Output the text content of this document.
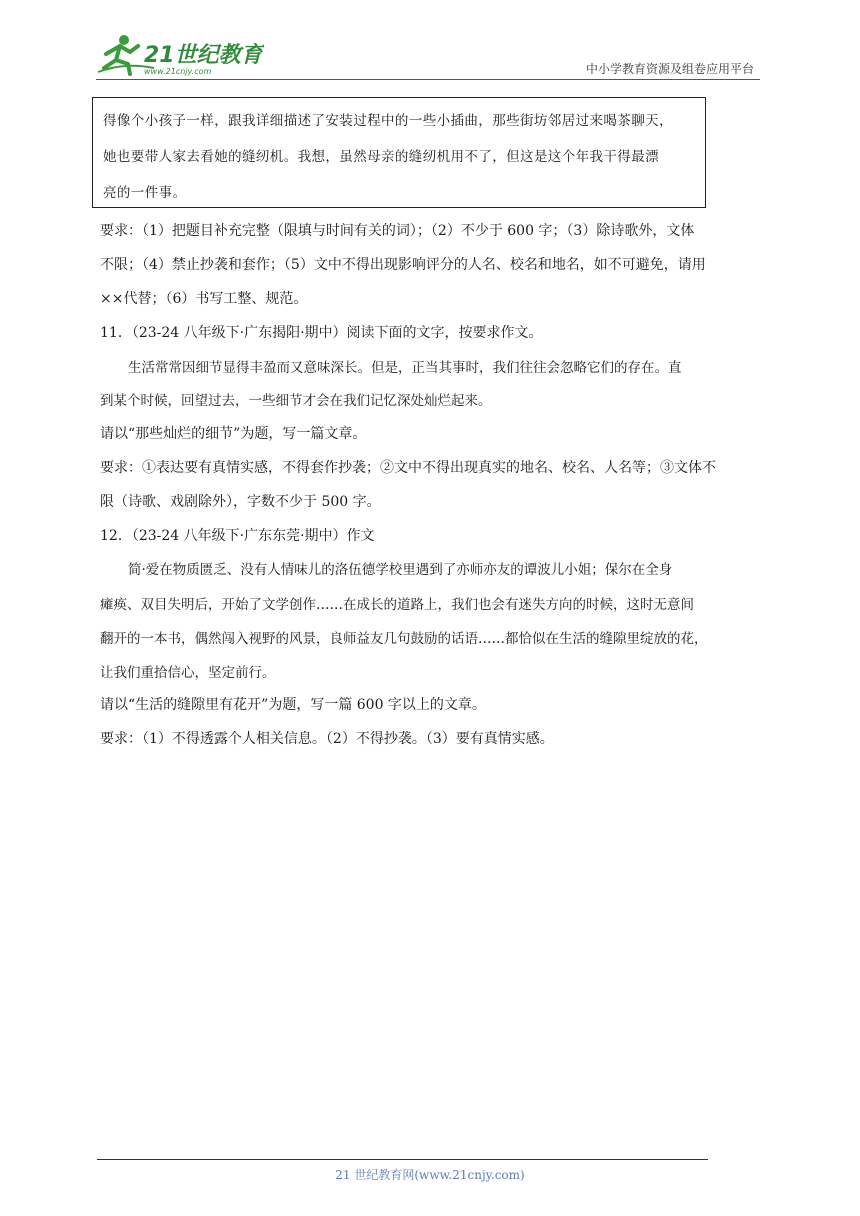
21世纪教育
www.21cnjy.com	中小学教育资源及组卷应用平台
得像个小孩子一样，跟我详细描述了安装过程中的一些小插曲，那些街坊邻居过来喝茶聊天，
她也要带人家去看她的缝纫机。我想，虽然母亲的缝纫机用不了，但这是这个年我干得最漂
亮的一件事。
要求：（1）把题目补充完整（限填与时间有关的词）；（2）不少于 600 字；（3）除诗歌外，文体
不限；（4）禁止抄袭和套作；（5）文中不得出现影响评分的人名、校名和地名，如不可避免，请用
××代替；（6）书写工整、规范。
11．（23-24 八年级下·广东揭阳·期中）阅读下面的文字，按要求作文。
生活常常因细节显得丰盈而又意味深长。但是，正当其事时，我们往往会忽略它们的存在。直
到某个时候，回望过去，一些细节才会在我们记忆深处灿烂起来。
请以“那些灿烂的细节”为题，写一篇文章。
要求：①表达要有真情实感，不得套作抄袭；②文中不得出现真实的地名、校名、人名等；③文体不
限（诗歌、戏剧除外），字数不少于 500 字。
12．（23-24 八年级下·广东东莞·期中）作文
简·爱在物质匮乏、没有人情味儿的洛伍德学校里遇到了亦师亦友的谭波儿小姐；保尔在全身
瘫痪、双目失明后，开始了文学创作……在成长的道路上，我们也会有迷失方向的时候，这时无意间
翻开的一本书，偶然闯入视野的风景，良师益友几句鼓励的话语……都恰似在生活的缝隙里绽放的花，
让我们重拾信心，坚定前行。
请以“生活的缝隙里有花开”为题，写一篇 600 字以上的文章。
要求：（1）不得透露个人相关信息。（2）不得抄袭。（3）要有真情实感。
21 世纪教育网(www.21cnjy.com)
